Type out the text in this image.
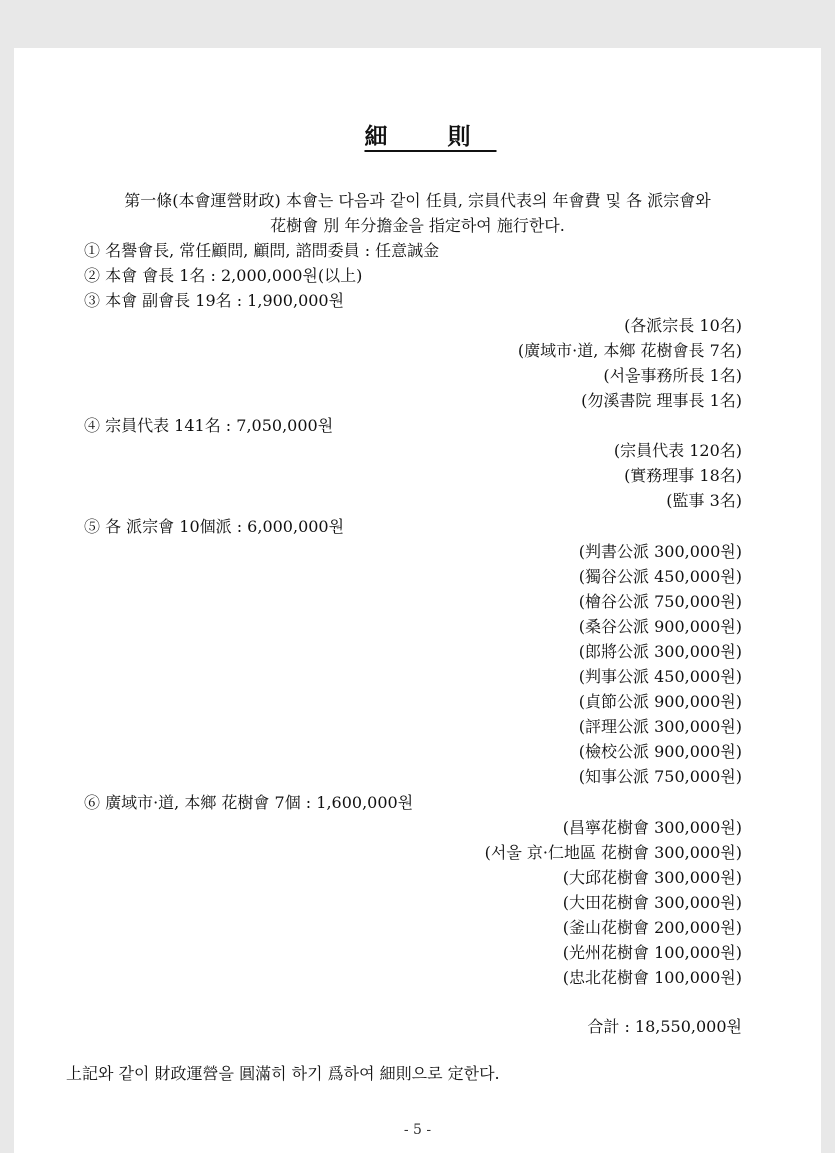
細 則
第一條(本會運營財政) 本會는 다음과 같이 任員, 宗員代表의 年會費 및 各 派宗會와
花樹會 別 年分擔金을 指定하여 施行한다.
① 名譽會長, 常任顧問, 顧問, 諮問委員 : 任意誠金
② 本會 會長 1名 : 2,000,000원(以上)
③ 本會 副會長 19名 : 1,900,000원
(各派宗長 10名)
(廣域市·道, 本鄉 花樹會長 7名)
(서울事務所長 1名)
(勿溪書院 理事長 1名)
④ 宗員代表 141名 : 7,050,000원
(宗員代表 120名)
(實務理事 18名)
(監事 3名)
⑤ 各 派宗會 10個派 : 6,000,000원
(判書公派 300,000원)
(獨谷公派 450,000원)
(檜谷公派 750,000원)
(桑谷公派 900,000원)
(郎將公派 300,000원)
(判事公派 450,000원)
(貞節公派 900,000원)
(評理公派 300,000원)
(檢校公派 900,000원)
(知事公派 750,000원)
⑥ 廣域市·道, 本鄉 花樹會 7個 : 1,600,000원
(昌寧花樹會 300,000원)
(서울 京·仁地區 花樹會 300,000원)
(大邱花樹會 300,000원)
(大田花樹會 300,000원)
(釜山花樹會 200,000원)
(光州花樹會 100,000원)
(忠北花樹會 100,000원)
合計 : 18,550,000원
上記와 같이 財政運營을 圓滿히 하기 爲하여 細則으로 定한다.
- 5 -
